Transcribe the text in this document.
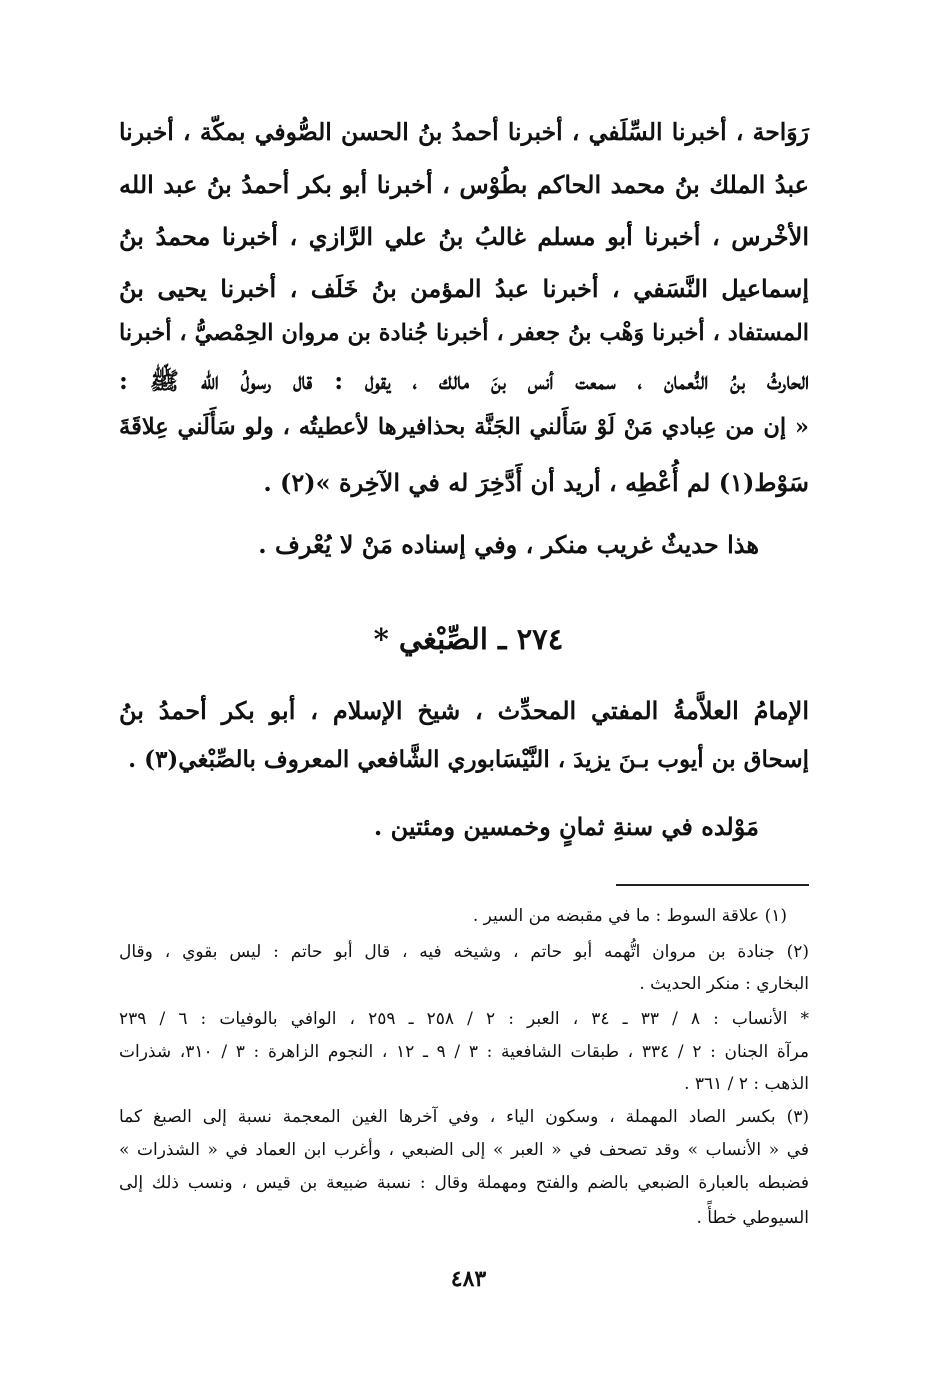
رَوَاحة ، أخبرنا السِّلَفي ، أخبرنا أحمدُ بنُ الحسن الصُّوفي بمكّة ، أخبرنا
عبدُ الملك بنُ محمد الحاكم بطُوْس ، أخبرنا أبو بكر أحمدُ بنُ عبد الله
الأخْرس ، أخبرنا أبو مسلم غالبُ بنُ علي الرَّازي ، أخبرنا محمدُ بنُ
إسماعيل النَّسَفي ، أخبرنا عبدُ المؤمن بنُ خَلَف ، أخبرنا يحيى بنُ
المستفاد ، أخبرنا وَهْب بنُ جعفر ، أخبرنا جُنادة بن مروان الحِمْصيُّ ، أخبرنا
الحارثُ بنُ النُّعمان ، سمعت أنس بنَ مالك ، يقول : قال رسولُ اللّه ﷺ :
« إن من عِبادي مَنْ لَوْ سَأَلني الجَنَّة بحذافيرها لأعطيتُه ، ولو سَأَلَني عِلاقَةَ
سَوْط(١) لم أُعْطِه ، أريد أن أَدَّخِرَ له في الآخِرة »(٢) .
هذا حديثٌ غريب منكر ، وفي إسناده مَنْ لا يُعْرف .
٢٧٤ ـ الصِّبْغي *
الإمامُ العلاَّمةُ المفتي المحدِّث ، شيخ الإسلام ، أبو بكر أحمدُ بنُ
إسحاق بن أيوب بـنَ يزيدَ ، النَّيْسَابوري الشَّافعي المعروف بالصِّبْغي(٣) .
مَوْلده في سنةِ ثمانٍ وخمسين ومئتين .
(١) علاقة السوط : ما في مقبضه من السير .
(٢) جنادة بن مروان اتُّهمه أبو حاتم ، وشيخه فيه ، قال أبو حاتم : ليس بقوي ، وقال
البخاري : منكر الحديث .
* الأنساب : ٨ / ٣٣ ـ ٣٤ ، العبر : ٢ / ٢٥٨ ـ ٢٥٩ ، الوافي بالوفيات : ٦ / ٢٣٩
مرآة الجنان : ٢ / ٣٣٤ ، طبقات الشافعية : ٣ / ٩ ـ ١٢ ، النجوم الزاهرة : ٣ / ٣١٠، شذرات
الذهب : ٢ / ٣٦١ .
(٣) بكسر الصاد المهملة ، وسكون الياء ، وفي آخرها الغين المعجمة نسبة إلى الصبغ كما
في « الأنساب » وقد تصحف في « العبر » إلى الضبعي ، وأغرب ابن العماد في « الشذرات »
فضبطه بالعبارة الضبعي بالضم والفتح ومهملة وقال : نسبة ضبيعة بن قيس ، ونسب ذلك إلى
السيوطي خطأً .
٤٨٣
